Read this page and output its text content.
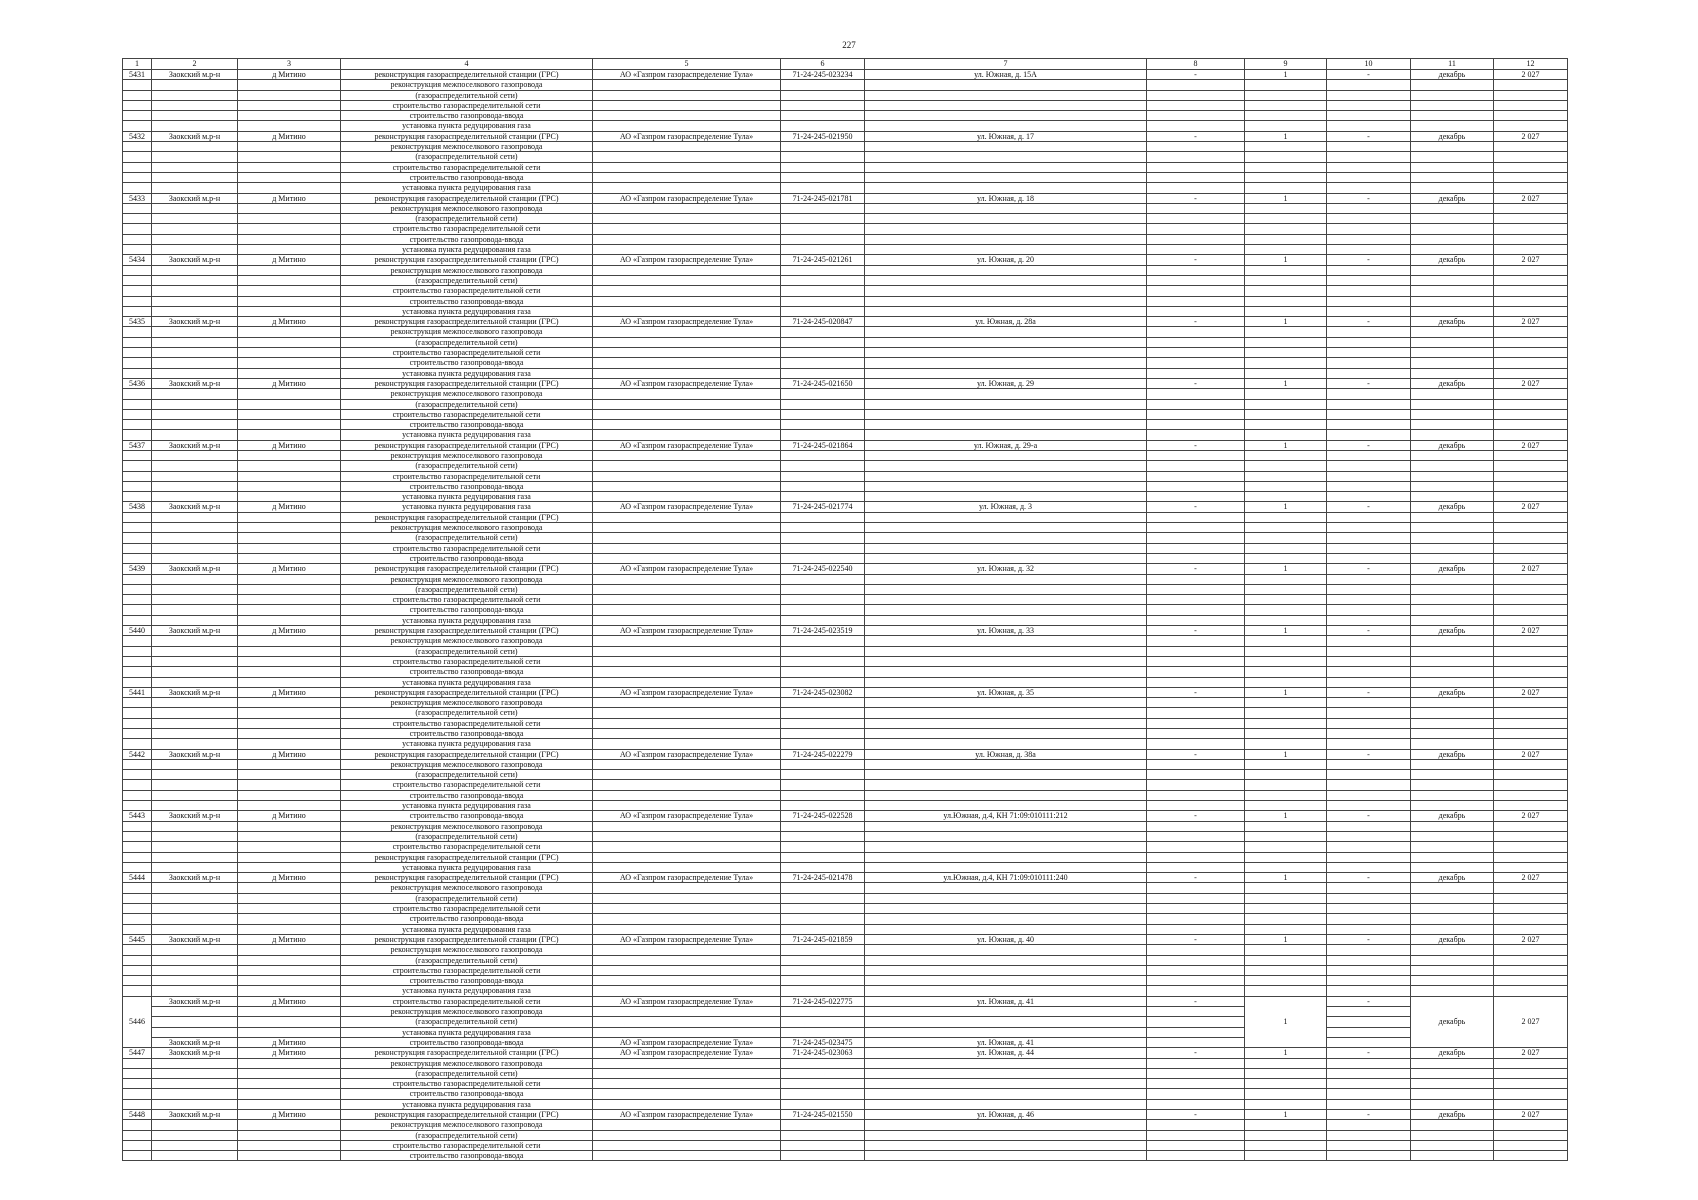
227
1	2	3	4	5	6	7	8	9	10	11	12
5431	Заокский м.р-н	д Митино	реконструкция газораспределительной станции (ГРС)	АО «Газпром газораспределение Тула»	71-24-245-023234	ул. Южная, д. 15А	-	1	-	декабрь	2 027
			реконструкция межпоселкового газопровода								
			(газораспределительной сети)								
			строительство газораспределительной сети								
			строительство газопровода-ввода								
			установка пункта редуцирования газа								
5432	Заокский м.р-н	д Митино	реконструкция газораспределительной станции (ГРС)	АО «Газпром газораспределение Тула»	71-24-245-021950	ул. Южная, д. 17	-	1	-	декабрь	2 027
			реконструкция межпоселкового газопровода								
			(газораспределительной сети)								
			строительство газораспределительной сети								
			строительство газопровода-ввода								
			установка пункта редуцирования газа								
5433	Заокский м.р-н	д Митино	реконструкция газораспределительной станции (ГРС)	АО «Газпром газораспределение Тула»	71-24-245-021781	ул. Южная, д. 18	-	1	-	декабрь	2 027
			реконструкция межпоселкового газопровода								
			(газораспределительной сети)								
			строительство газораспределительной сети								
			строительство газопровода-ввода								
			установка пункта редуцирования газа								
5434	Заокский м.р-н	д Митино	реконструкция газораспределительной станции (ГРС)	АО «Газпром газораспределение Тула»	71-24-245-021261	ул. Южная, д. 20	-	1	-	декабрь	2 027
			реконструкция межпоселкового газопровода								
			(газораспределительной сети)								
			строительство газораспределительной сети								
			строительство газопровода-ввода								
			установка пункта редуцирования газа								
5435	Заокский м.р-н	д Митино	реконструкция газораспределительной станции (ГРС)	АО «Газпром газораспределение Тула»	71-24-245-020847	ул. Южная, д. 28а	-	1	-	декабрь	2 027
			реконструкция межпоселкового газопровода								
			(газораспределительной сети)								
			строительство газораспределительной сети								
			строительство газопровода-ввода								
			установка пункта редуцирования газа								
5436	Заокский м.р-н	д Митино	реконструкция газораспределительной станции (ГРС)	АО «Газпром газораспределение Тула»	71-24-245-021650	ул. Южная, д. 29	-	1	-	декабрь	2 027
			реконструкция межпоселкового газопровода								
			(газораспределительной сети)								
			строительство газораспределительной сети								
			строительство газопровода-ввода								
			установка пункта редуцирования газа								
5437	Заокский м.р-н	д Митино	реконструкция газораспределительной станции (ГРС)	АО «Газпром газораспределение Тула»	71-24-245-021864	ул. Южная, д. 29-а	-	1	-	декабрь	2 027
			реконструкция межпоселкового газопровода								
			(газораспределительной сети)								
			строительство газораспределительной сети								
			строительство газопровода-ввода								
			установка пункта редуцирования газа								
5438	Заокский м.р-н	д Митино	установка пункта редуцирования газа	АО «Газпром газораспределение Тула»	71-24-245-021774	ул. Южная, д. 3	-	1	-	декабрь	2 027
			реконструкция газораспределительной станции (ГРС)								
			реконструкция межпоселкового газопровода								
			(газораспределительной сети)								
			строительство газораспределительной сети								
			строительство газопровода-ввода								
5439	Заокский м.р-н	д Митино	реконструкция газораспределительной станции (ГРС)	АО «Газпром газораспределение Тула»	71-24-245-022540	ул. Южная, д. 32	-	1	-	декабрь	2 027
			реконструкция межпоселкового газопровода								
			(газораспределительной сети)								
			строительство газораспределительной сети								
			строительство газопровода-ввода								
			установка пункта редуцирования газа								
5440	Заокский м.р-н	д Митино	реконструкция газораспределительной станции (ГРС)	АО «Газпром газораспределение Тула»	71-24-245-023519	ул. Южная, д. 33	-	1	-	декабрь	2 027
			реконструкция межпоселкового газопровода								
			(газораспределительной сети)								
			строительство газораспределительной сети								
			строительство газопровода-ввода								
			установка пункта редуцирования газа								
5441	Заокский м.р-н	д Митино	реконструкция газораспределительной станции (ГРС)	АО «Газпром газораспределение Тула»	71-24-245-023082	ул. Южная, д. 35	-	1	-	декабрь	2 027
			реконструкция межпоселкового газопровода								
			(газораспределительной сети)								
			строительство газораспределительной сети								
			строительство газопровода-ввода								
			установка пункта редуцирования газа								
5442	Заокский м.р-н	д Митино	реконструкция газораспределительной станции (ГРС)	АО «Газпром газораспределение Тула»	71-24-245-022279	ул. Южная, д. 38а	-	1	-	декабрь	2 027
			реконструкция межпоселкового газопровода								
			(газораспределительной сети)								
			строительство газораспределительной сети								
			строительство газопровода-ввода								
			установка пункта редуцирования газа								
5443	Заокский м.р-н	д Митино	строительство газопровода-ввода	АО «Газпром газораспределение Тула»	71-24-245-022528	ул.Южная, д.4, КН 71:09:010111:212	-	1	-	декабрь	2 027
			реконструкция межпоселкового газопровода								
			(газораспределительной сети)								
			строительство газораспределительной сети								
			реконструкция газораспределительной станции (ГРС)								
			установка пункта редуцирования газа								
5444	Заокский м.р-н	д Митино	реконструкция газораспределительной станции (ГРС)	АО «Газпром газораспределение Тула»	71-24-245-021478	ул.Южная, д.4, КН 71:09:010111:240	-	1	-	декабрь	2 027
			реконструкция межпоселкового газопровода								
			(газораспределительной сети)								
			строительство газораспределительной сети								
			строительство газопровода-ввода								
			установка пункта редуцирования газа								
5445	Заокский м.р-н	д Митино	реконструкция газораспределительной станции (ГРС)	АО «Газпром газораспределение Тула»	71-24-245-021859	ул. Южная, д. 40	-	1	-	декабрь	2 027
			реконструкция межпоселкового газопровода								
			(газораспределительной сети)								
			строительство газораспределительной сети								
			строительство газопровода-ввода								
			установка пункта редуцирования газа								
5446	Заокский м.р-н	д Митино	строительство газораспределительной сети	АО «Газпром газораспределение Тула»	71-24-245-022775	ул. Южная, д. 41	-	1	-	декабрь	2 027
			реконструкция межпоселкового газопровода								
			(газораспределительной сети)								
			установка пункта редуцирования газа								
	Заокский м.р-н	д Митино	строительство газопровода-ввода	АО «Газпром газораспределение Тула»	71-24-245-023475	ул. Южная, д. 41					
5447	Заокский м.р-н	д Митино	реконструкция газораспределительной станции (ГРС)	АО «Газпром газораспределение Тула»	71-24-245-023063	ул. Южная, д. 44	-	1	-	декабрь	2 027
			реконструкция межпоселкового газопровода								
			(газораспределительной сети)								
			строительство газораспределительной сети								
			строительство газопровода-ввода								
			установка пункта редуцирования газа								
5448	Заокский м.р-н	д Митино	реконструкция газораспределительной станции (ГРС)	АО «Газпром газораспределение Тула»	71-24-245-021550	ул. Южная, д. 46	-	1	-	декабрь	2 027
			реконструкция межпоселкового газопровода								
			(газораспределительной сети)								
			строительство газораспределительной сети								
			строительство газопровода-ввода								
